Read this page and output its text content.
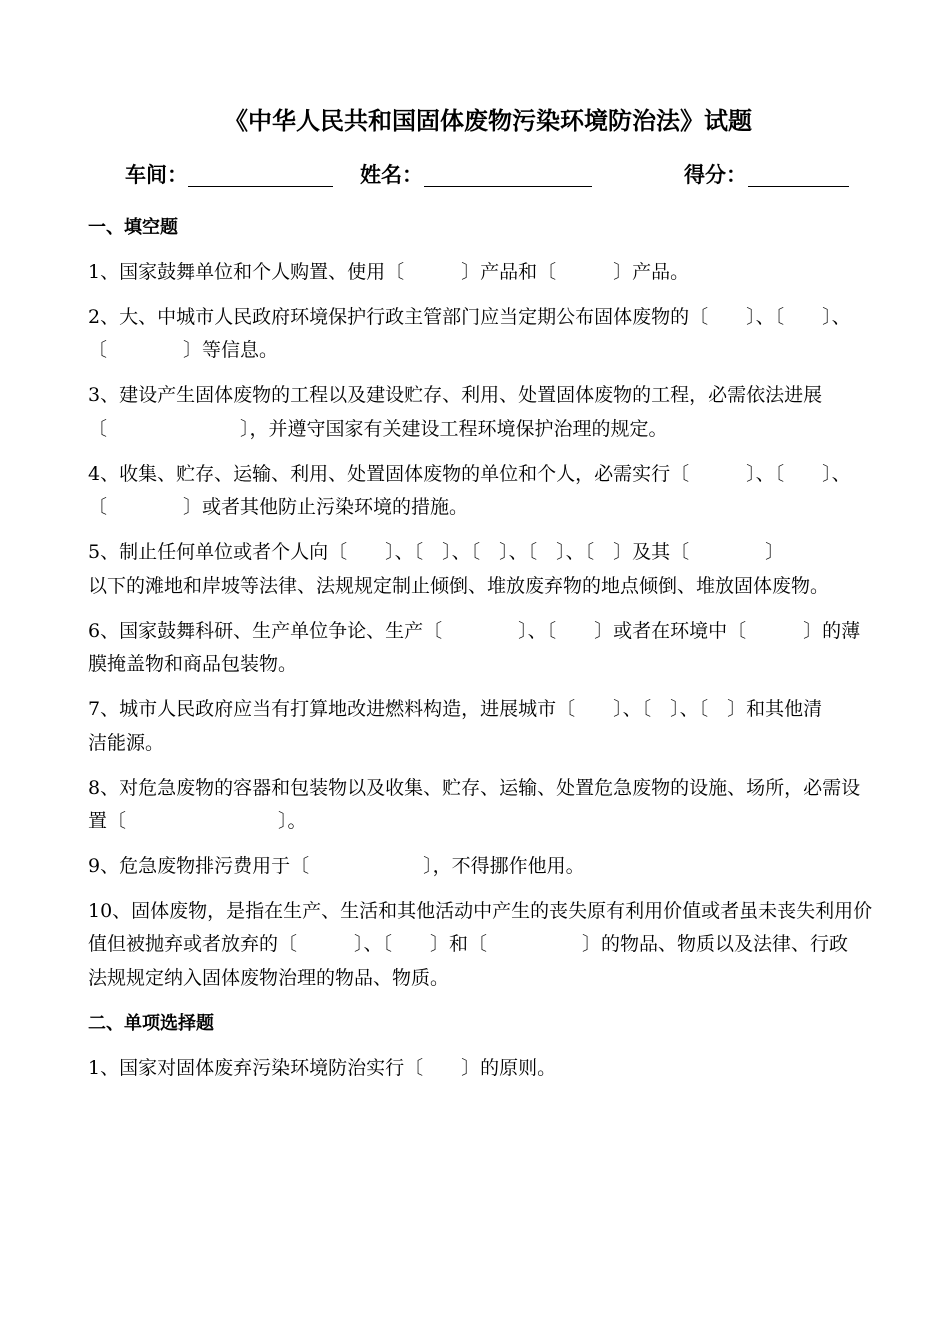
《中华人民共和国固体废物污染环境防治法》试题
车间：	姓名：	得分：
一、填空题
1、国家鼓舞单位和个人购置、使用〔　　　〕产品和〔　　　〕产品。
2、大、中城市人民政府环境保护行政主管部门应当定期公布固体废物的〔　　〕、〔　　〕、
〔　　　　〕等信息。
3、建设产生固体废物的工程以及建设贮存、利用、处置固体废物的工程，必需依法进展
〔　　　　　　　〕，并遵守国家有关建设工程环境保护治理的规定。
4、收集、贮存、运输、利用、处置固体废物的单位和个人，必需实行〔　　　〕、〔　　〕、
〔　　　　〕或者其他防止污染环境的措施。
5、制止任何单位或者个人向〔　　〕、〔　〕、〔　〕、〔　〕、〔　〕及其〔　　　　〕
以下的滩地和岸坡等法律、法规规定制止倾倒、堆放废弃物的地点倾倒、堆放固体废物。
6、国家鼓舞科研、生产单位争论、生产〔　　　　〕、〔　　〕或者在环境中〔　　　〕的薄
膜掩盖物和商品包装物。
7、城市人民政府应当有打算地改进燃料构造，进展城市〔　　〕、〔　〕、〔　〕和其他清
洁能源。
8、对危急废物的容器和包装物以及收集、贮存、运输、处置危急废物的设施、场所，必需设
置〔　　　　　　　　〕。
9、危急废物排污费用于〔　　　　　　〕，不得挪作他用。
10、固体废物，是指在生产、生活和其他活动中产生的丧失原有利用价值或者虽未丧失利用价
值但被抛弃或者放弃的〔　　　〕、〔　　〕和〔　　　　　〕的物品、物质以及法律、行政
法规规定纳入固体废物治理的物品、物质。
二、单项选择题
1、国家对固体废弃污染环境防治实行〔　　〕的原则。
